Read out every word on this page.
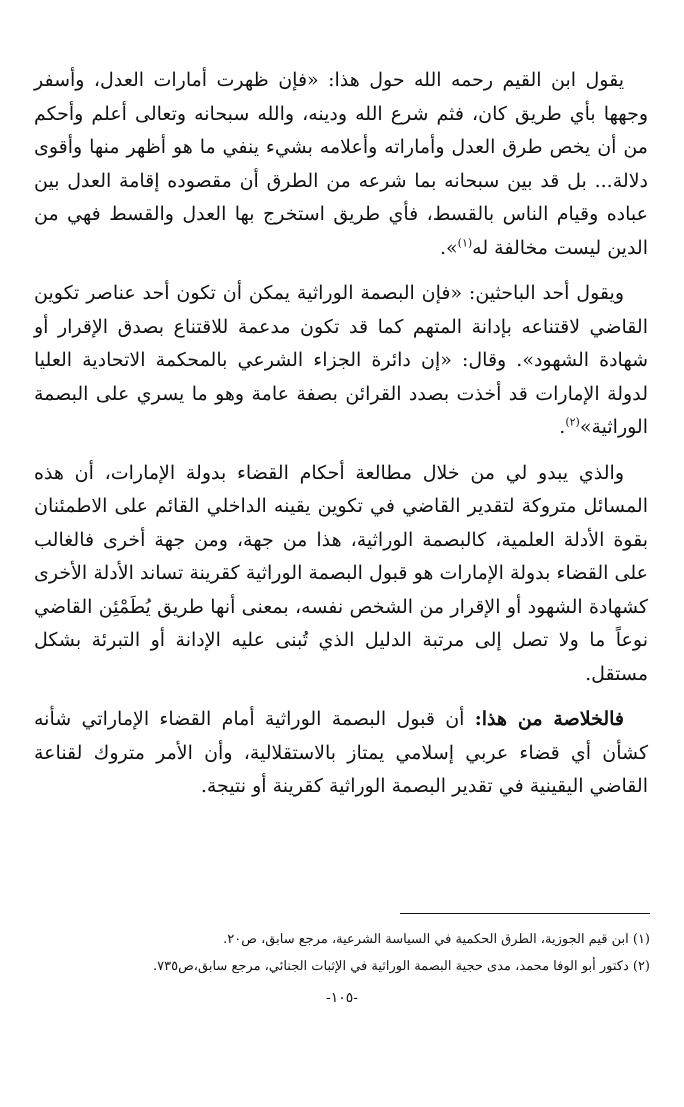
يقول ابن القيم رحمه الله حول هذا: «فإن ظهرت أمارات العدل، وأسفر وجهها بأي طريق كان، فثم شرع الله ودينه، والله سبحانه وتعالى أعلم وأحكم من أن يخص طرق العدل وأماراته وأعلامه بشيء ينفي ما هو أظهر منها وأقوى دلالة... بل قد بين سبحانه بما شرعه من الطرق أن مقصوده إقامة العدل بين عباده وقيام الناس بالقسط، فأي طريق استخرج بها العدل والقسط فهي من الدين ليست مخالفة له$^{(١)}$».

ويقول أحد الباحثين: «فإن البصمة الوراثية يمكن أن تكون أحد عناصر تكوين القاضي لاقتناعه بإدانة المتهم كما قد تكون مدعمة للاقتناع بصدق الإقرار أو شهادة الشهود». وقال: «إن دائرة الجزاء الشرعي بالمحكمة الاتحادية العليا لدولة الإمارات قد أخذت بصدد القرائن بصفة عامة وهو ما يسري على البصمة الوراثية»$^{(٢)}$.

والذي يبدو لي من خلال مطالعة أحكام القضاء بدولة الإمارات، أن هذه المسائل متروكة لتقدير القاضي في تكوين يقينه الداخلي القائم على الاطمئنان بقوة الأدلة العلمية، كالبصمة الوراثية، هذا من جهة، ومن جهة أخرى فالغالب على القضاء بدولة الإمارات هو قبول البصمة الوراثية كقرينة تساند الأدلة الأخرى كشهادة الشهود أو الإقرار من الشخص نفسه، بمعنى أنها طريق يُطَمْئِن القاضي نوعاً ما ولا تصل إلى مرتبة الدليل الذي تُبنى عليه الإدانة أو التبرئة بشكل مستقل.

فالخلاصة من هذا: أن قبول البصمة الوراثية أمام القضاء الإماراتي شأنه كشأن أي قضاء عربي إسلامي يمتاز بالاستقلالية، وأن الأمر متروك لقناعة القاضي اليقينية في تقدير البصمة الوراثية كقرينة أو نتيجة.

(١) ابن قيم الجوزية، الطرق الحكمية في السياسة الشرعية، مرجع سابق، ص٢٠.

(٢) دكتور أبو الوفا محمد، مدى حجية البصمة الوراثية في الإثبات الجنائي، مرجع سابق،ص٧٣٥.

-١٠٥-
